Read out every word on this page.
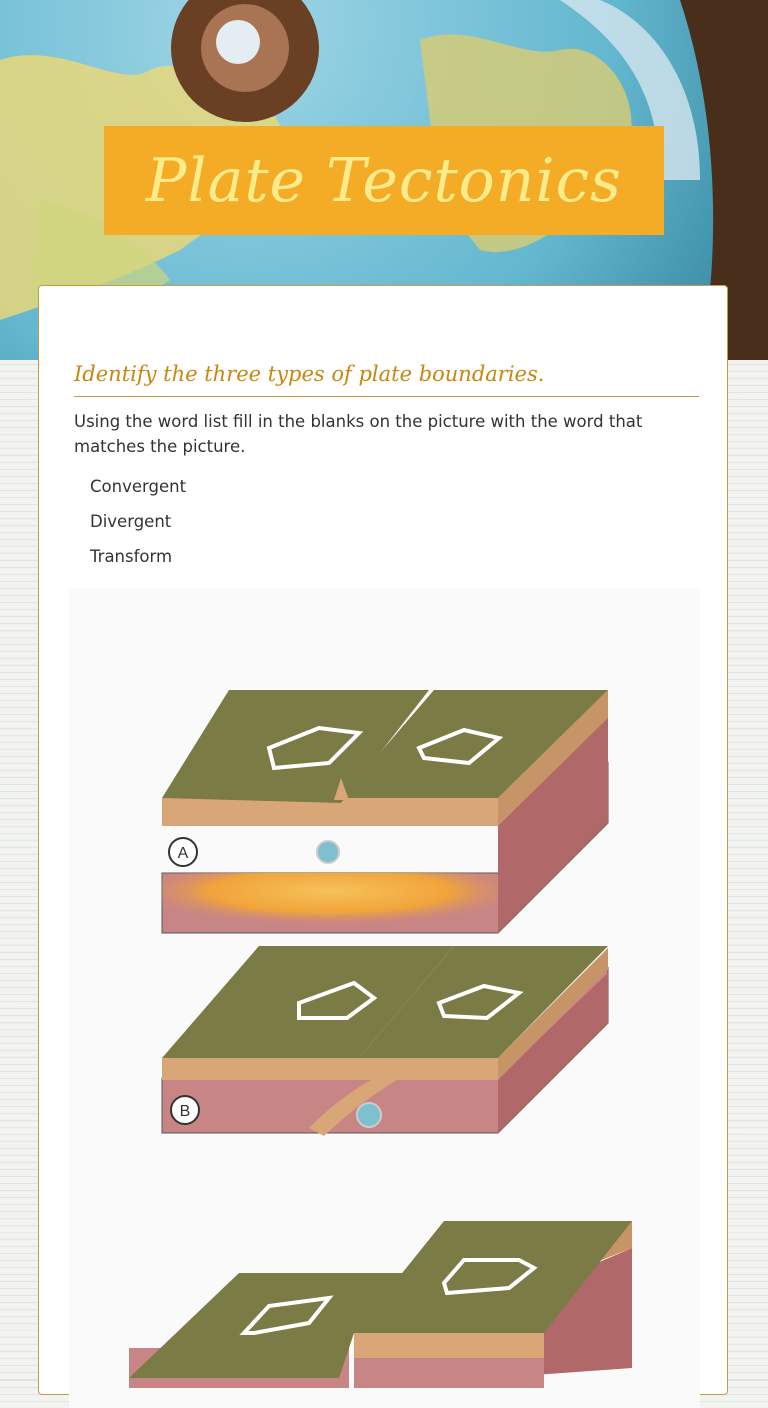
Plate Tectonics
Identify the three types of plate boundaries.

Using the word list fill in the blanks on the picture with the word that matches the picture.

Convergent
Divergent
Transform
A
B
